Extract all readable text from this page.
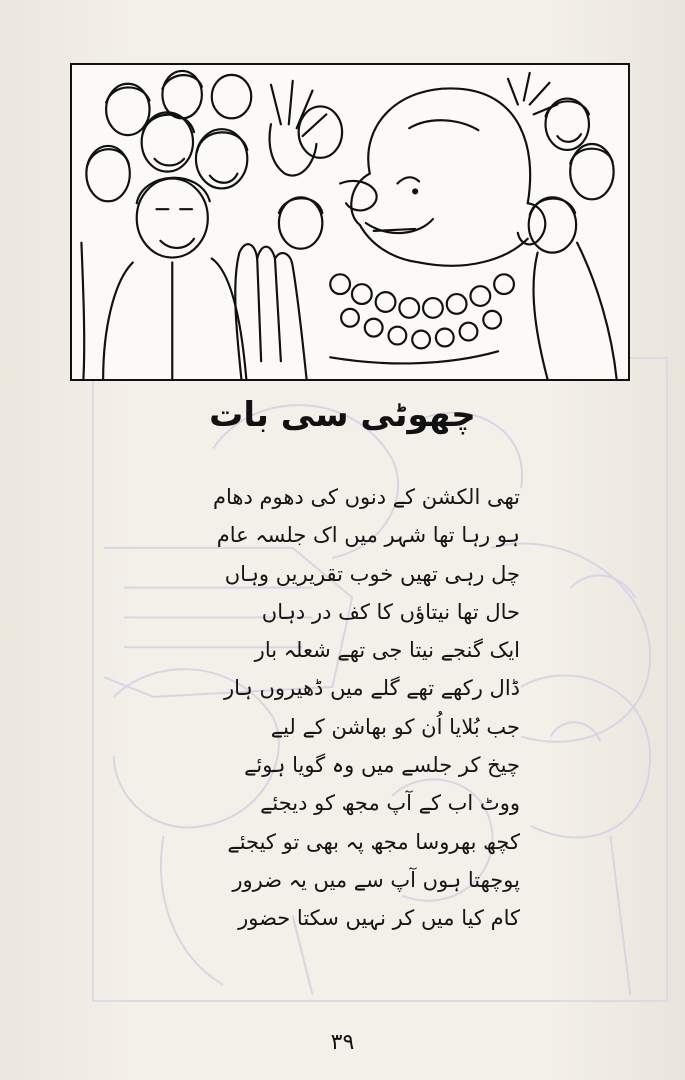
چھوٹی سی بات
تھی الکشن کے دنوں کی دھوم دھام
ہو رہا تھا شہر میں اک جلسہ عام
چل رہی تھیں خوب تقریریں وہاں
حال تھا نیتاؤں کا کف در دہاں
ایک گنجے نیتا جی تھے شعلہ بار
ڈال رکھے تھے گلے میں ڈھیروں ہار
جب بُلایا اُن کو بھاشن کے لیے
چیخ کر جلسے میں وہ گویا ہوئے
ووٹ اب کے آپ مجھ کو دیجئے
کچھ بھروسا مجھ پہ بھی تو کیجئے
پوچھتا ہوں آپ سے میں یہ ضرور
کام کیا میں کر نہیں سکتا حضور
۳۹
